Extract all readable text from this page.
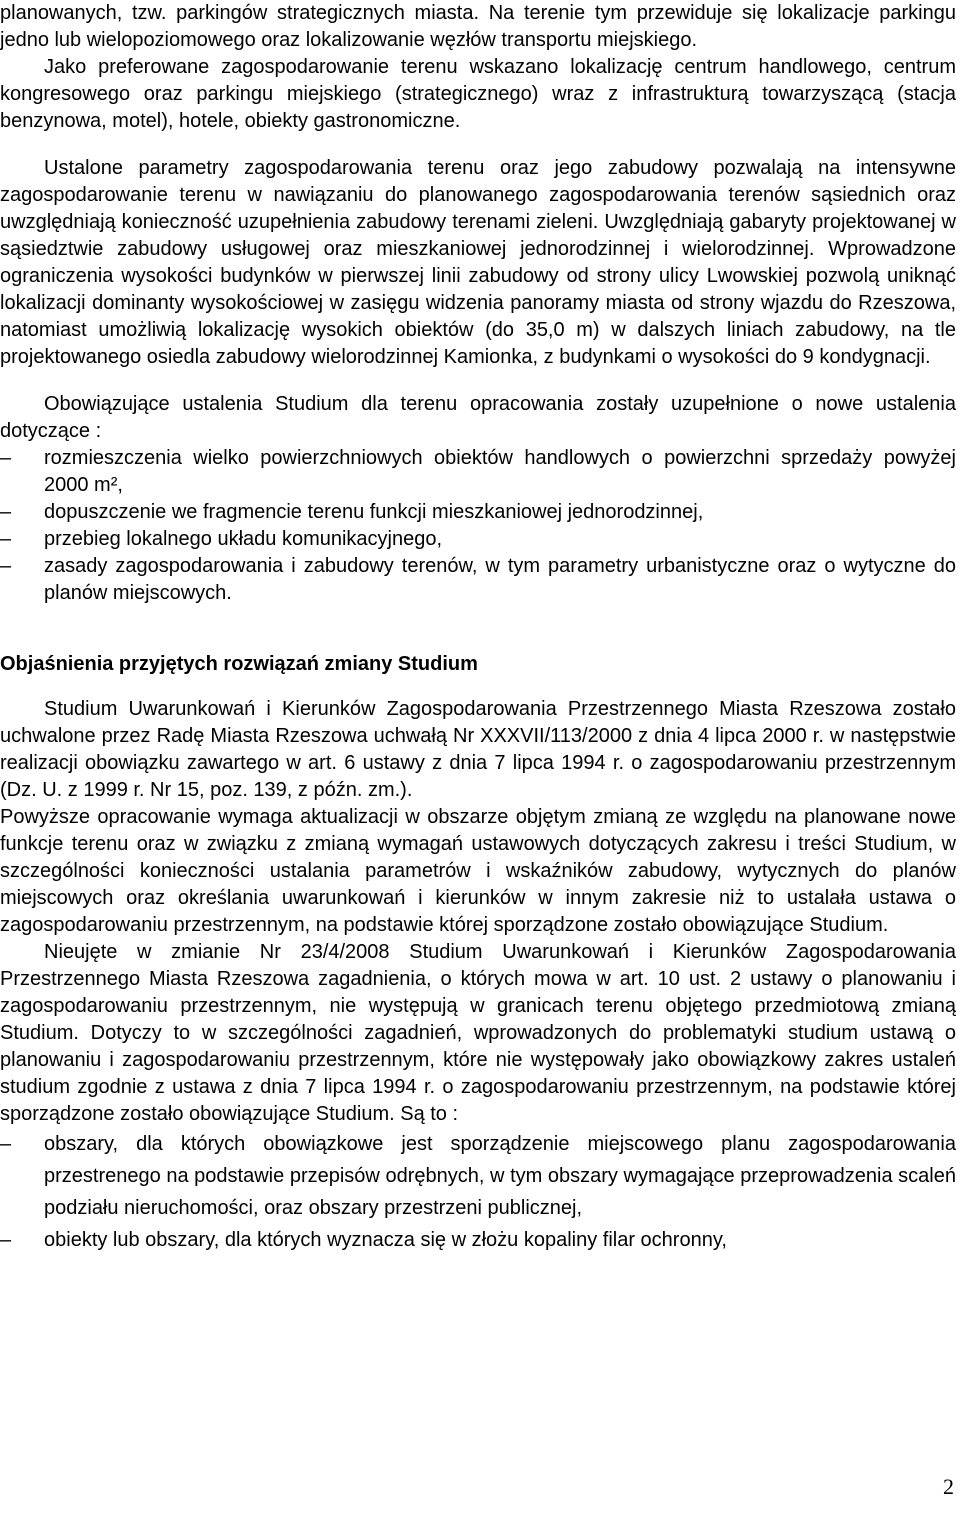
planowanych, tzw. parkingów strategicznych miasta. Na terenie tym przewiduje się lokalizacje parkingu jedno lub wielopoziomowego oraz lokalizowanie węzłów transportu miejskiego.

Jako preferowane zagospodarowanie terenu wskazano lokalizację centrum handlowego, centrum kongresowego oraz parkingu miejskiego (strategicznego) wraz z infrastrukturą towarzyszącą (stacja benzynowa, motel), hotele, obiekty gastronomiczne.

Ustalone parametry zagospodarowania terenu oraz jego zabudowy pozwalają na intensywne zagospodarowanie terenu w nawiązaniu do planowanego zagospodarowania terenów sąsiednich oraz uwzględniają konieczność uzupełnienia zabudowy terenami zieleni. Uwzględniają gabaryty projektowanej w sąsiedztwie zabudowy usługowej oraz mieszkaniowej jednorodzinnej i wielorodzinnej. Wprowadzone ograniczenia wysokości budynków w pierwszej linii zabudowy od strony ulicy Lwowskiej pozwolą uniknąć lokalizacji dominanty wysokościowej w zasięgu widzenia panoramy miasta od strony wjazdu do Rzeszowa, natomiast umożliwią lokalizację wysokich obiektów (do 35,0 m) w dalszych liniach zabudowy, na tle projektowanego osiedla zabudowy wielorodzinnej Kamionka, z budynkami o wysokości do 9 kondygnacji.

Obowiązujące ustalenia Studium dla terenu opracowania zostały uzupełnione o nowe ustalenia dotyczące :

– rozmieszczenia wielko powierzchniowych obiektów handlowych o powierzchni sprzedaży powyżej 2000 m²,
– dopuszczenie we fragmencie terenu funkcji mieszkaniowej jednorodzinnej,
– przebieg lokalnego układu komunikacyjnego,
– zasady zagospodarowania i zabudowy terenów, w tym parametry urbanistyczne oraz o wytyczne do planów miejscowych.

Objaśnienia przyjętych rozwiązań zmiany Studium

Studium Uwarunkowań i Kierunków Zagospodarowania Przestrzennego Miasta Rzeszowa zostało uchwalone przez Radę Miasta Rzeszowa uchwałą Nr XXXVII/113/2000 z dnia 4 lipca 2000 r. w następstwie realizacji obowiązku zawartego w art. 6 ustawy z dnia 7 lipca 1994 r. o zagospodarowaniu przestrzennym (Dz. U. z 1999 r. Nr 15, poz. 139, z późn. zm.).

Powyższe opracowanie wymaga aktualizacji w obszarze objętym zmianą ze względu na planowane nowe funkcje terenu oraz w związku z zmianą wymagań ustawowych dotyczących zakresu i treści Studium, w szczególności konieczności ustalania parametrów i wskaźników zabudowy, wytycznych do planów miejscowych oraz określania uwarunkowań i kierunków w innym zakresie niż to ustalała ustawa o zagospodarowaniu przestrzennym, na podstawie której sporządzone zostało obowiązujące Studium.

Nieujęte w zmianie Nr 23/4/2008 Studium Uwarunkowań i Kierunków Zagospodarowania Przestrzennego Miasta Rzeszowa zagadnienia, o których mowa w art. 10 ust. 2 ustawy o planowaniu i zagospodarowaniu przestrzennym, nie występują w granicach terenu objętego przedmiotową zmianą Studium. Dotyczy to w szczególności zagadnień, wprowadzonych do problematyki studium ustawą o planowaniu i zagospodarowaniu przestrzennym, które nie występowały jako obowiązkowy zakres ustaleń studium zgodnie z ustawa z dnia 7 lipca 1994 r. o zagospodarowaniu przestrzennym, na podstawie której sporządzone zostało obowiązujące Studium. Są to :

– obszary, dla których obowiązkowe jest sporządzenie miejscowego planu zagospodarowania przestrenego na podstawie przepisów odrębnych, w tym obszary wymagające przeprowadzenia scaleń podziału nieruchomości, oraz obszary przestrzeni publicznej,
– obiekty lub obszary, dla których wyznacza się w złożu kopaliny filar ochronny,
2
